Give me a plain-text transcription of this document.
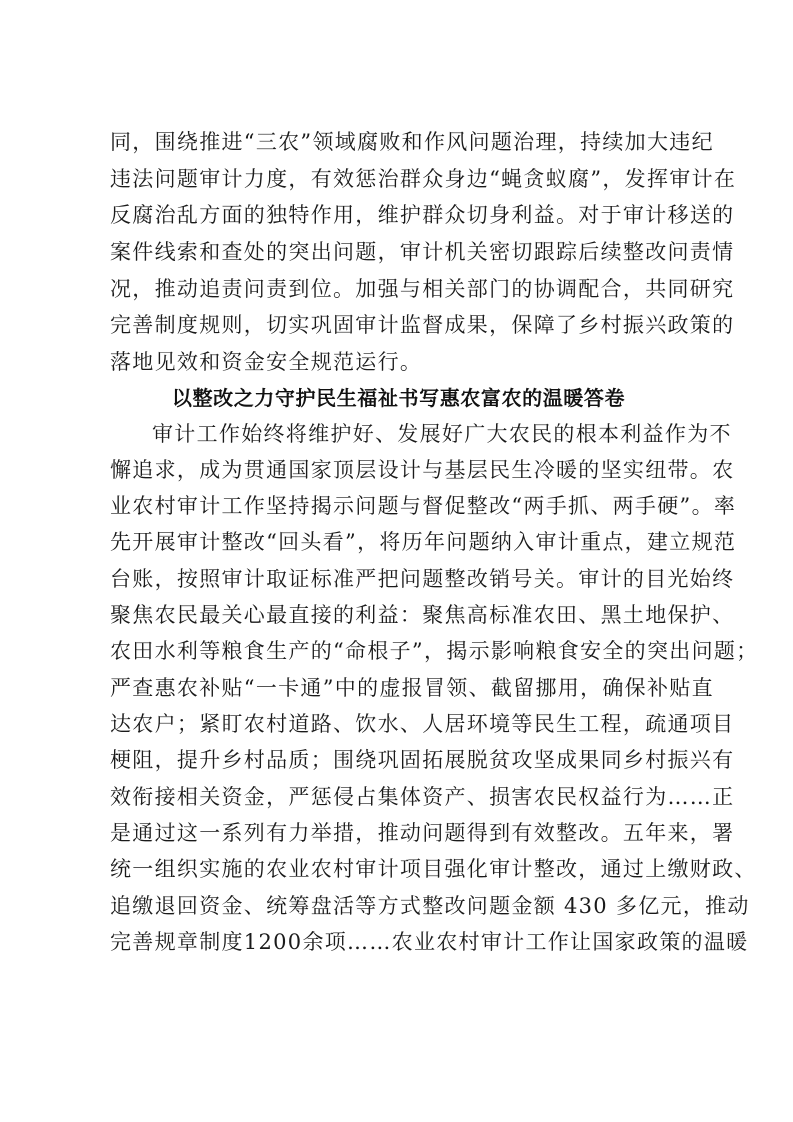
同，围绕推进“三农”领域腐败和作风问题治理，持续加大违纪
违法问题审计力度，有效惩治群众身边“蝇贪蚁腐”，发挥审计在
反腐治乱方面的独特作用，维护群众切身利益。对于审计移送的
案件线索和查处的突出问题，审计机关密切跟踪后续整改问责情
况，推动追责问责到位。加强与相关部门的协调配合，共同研究
完善制度规则，切实巩固审计监督成果，保障了乡村振兴政策的
落地见效和资金安全规范运行。
以整改之力守护民生福祉书写惠农富农的温暖答卷
审计工作始终将维护好、发展好广大农民的根本利益作为不
懈追求，成为贯通国家顶层设计与基层民生冷暖的坚实纽带。农
业农村审计工作坚持揭示问题与督促整改“两手抓、两手硬”。率
先开展审计整改“回头看”，将历年问题纳入审计重点，建立规范
台账，按照审计取证标准严把问题整改销号关。审计的目光始终
聚焦农民最关心最直接的利益：聚焦高标准农田、黑土地保护、
农田水利等粮食生产的“命根子”，揭示影响粮食安全的突出问题；
严查惠农补贴“一卡通”中的虚报冒领、截留挪用，确保补贴直
达农户；紧盯农村道路、饮水、人居环境等民生工程，疏通项目
梗阻，提升乡村品质；围绕巩固拓展脱贫攻坚成果同乡村振兴有
效衔接相关资金，严惩侵占集体资产、损害农民权益行为……正
是通过这一系列有力举措，推动问题得到有效整改。五年来，署
统一组织实施的农业农村审计项目强化审计整改，通过上缴财政、
追缴退回资金、统筹盘活等方式整改问题金额 430 多亿元，推动
完善规章制度1200余项……农业农村审计工作让国家政策的温暖
